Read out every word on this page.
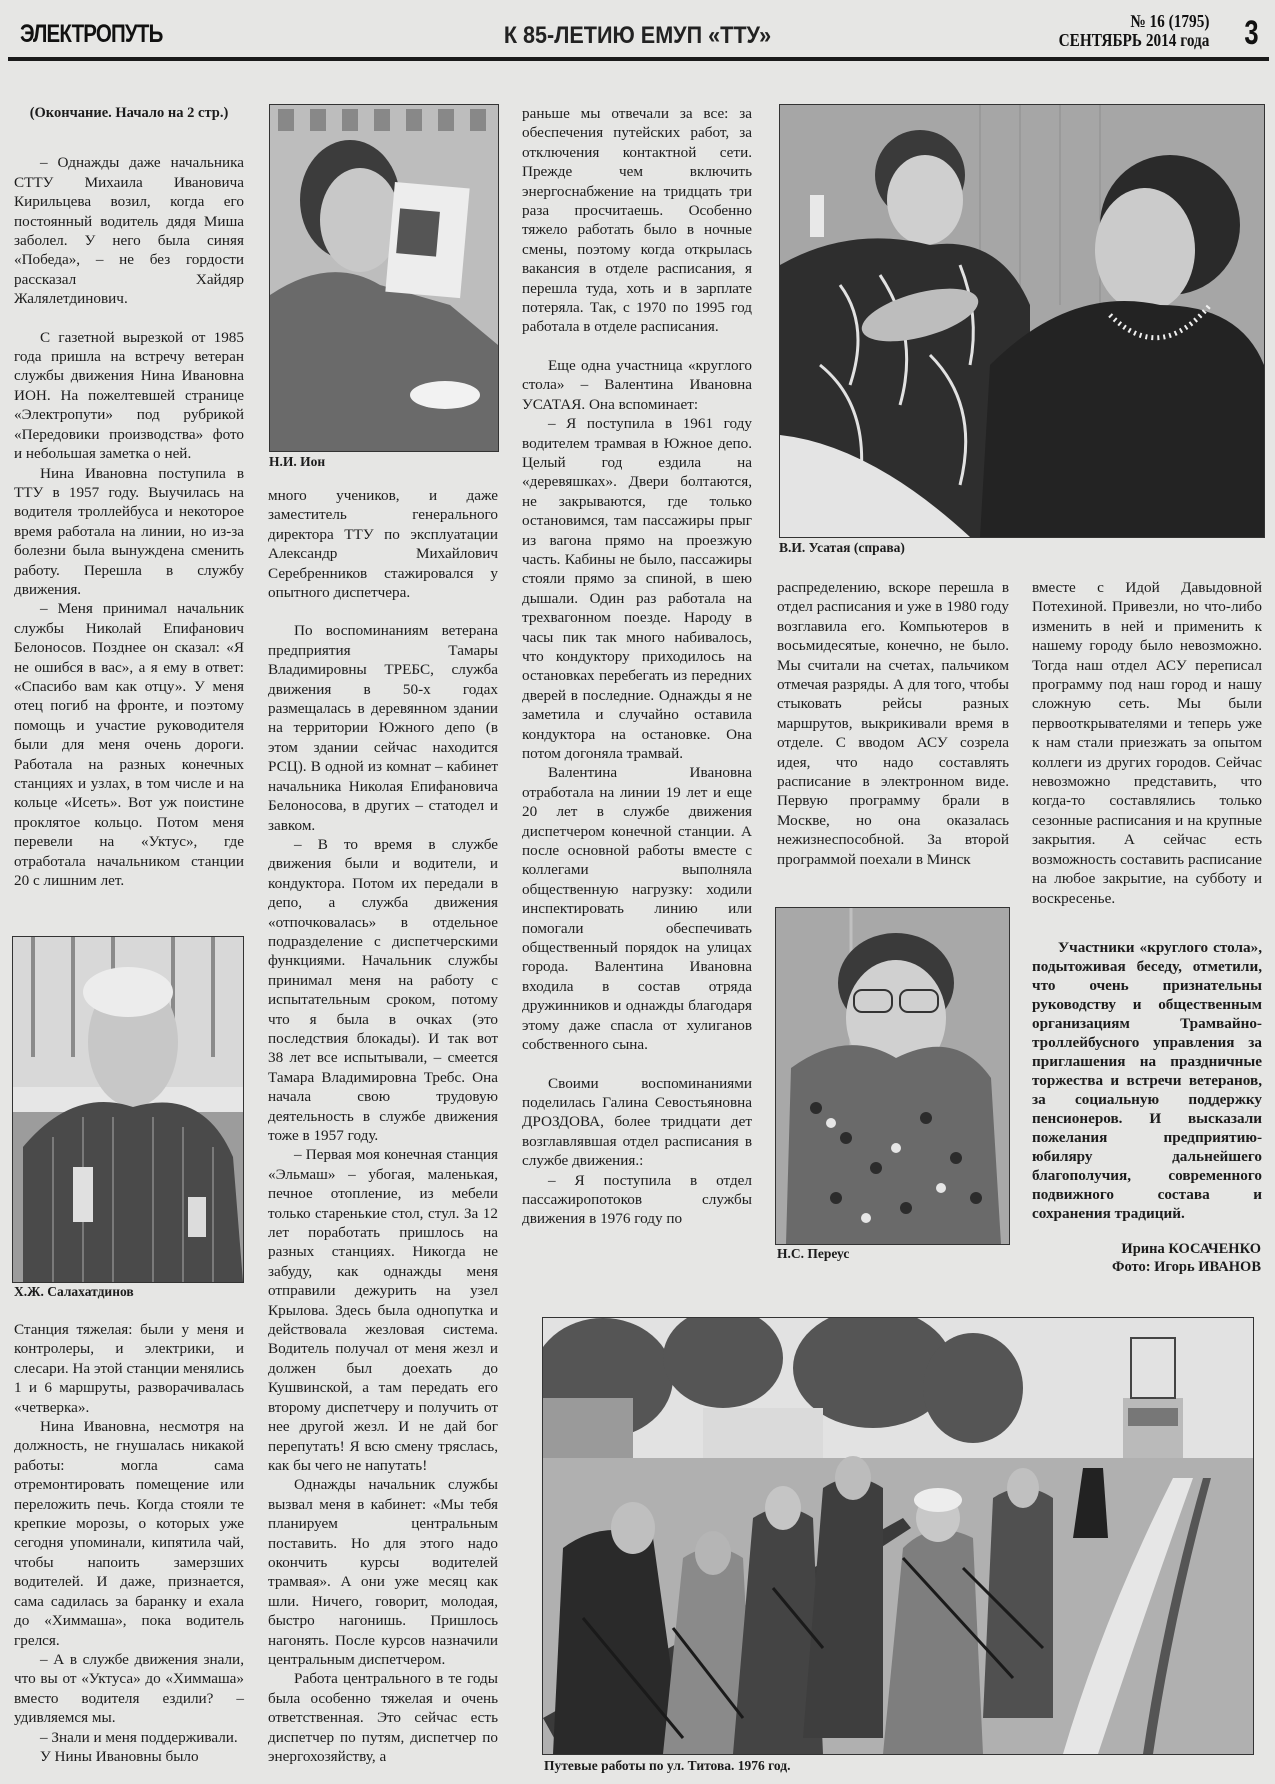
ЭЛЕКТРОПУТЬ	К 85-ЛЕТИЮ ЕМУП «ТТУ»
№ 16 (1795)
СЕНТЯБРЬ 2014 года 3
(Окончание. Начало на 2 стр.)

– Однажды даже начальника СТТУ Михаила Ивановича Кирильцева возил, когда его постоянный водитель дядя Миша заболел. У него была синяя «Победа», – не без гордости рассказал Хайдяр Жалялетдинович.

С газетной вырезкой от 1985 года пришла на встречу ветеран службы движения Нина Ивановна ИОН. На пожелтевшей странице «Электропути» под рубрикой «Передовики производства» фото и небольшая заметка о ней.

Нина Ивановна поступила в ТТУ в 1957 году. Выучилась на водителя троллейбуса и некоторое время работала на линии, но из-за болезни была вынуждена сменить работу. Перешла в службу движения.

– Меня принимал начальник службы Николай Епифанович Белоносов. Позднее он сказал: «Я не ошибся в вас», а я ему в ответ: «Спасибо вам как отцу». У меня отец погиб на фронте, и поэтому помощь и участие руководителя были для меня очень дороги. Работала на разных конечных станциях и узлах, в том числе и на кольце «Исеть». Вот уж поистине проклятое кольцо. Потом меня перевели на «Уктус», где отработала начальником станции 20 с лишним лет.

Х.Ж. Салахатдинов

Станция тяжелая: были у меня и контролеры, и электрики, и слесари. На этой станции менялись 1 и 6 маршруты, разворачивалась «четверка».

Нина Ивановна, несмотря на должность, не гнушалась никакой работы: могла сама отремонтировать помещение или переложить печь. Когда стояли те крепкие морозы, о которых уже сегодня упоминали, кипятила чай, чтобы напоить замерзших водителей. И даже, признается, сама садилась за баранку и ехала до «Химмаша», пока водитель грелся.

– А в службе движения знали, что вы от «Уктуса» до «Химмаша» вместо водителя ездили? – удивляемся мы.

– Знали и меня поддерживали.

У Нины Ивановны было

Н.И. Ион

много учеников, и даже заместитель генерального директора ТТУ по эксплуатации Александр Михайлович Серебренников стажировался у опытного диспетчера.

По воспоминаниям ветерана предприятия Тамары Владимировны ТРЕБС, служба движения в 50-х годах размещалась в деревянном здании на территории Южного депо (в этом здании сейчас находится РСЦ). В одной из комнат – кабинет начальника Николая Епифановича Белоносова, в других – статодел и завком.

– В то время в службе движения были и водители, и кондуктора. Потом их передали в депо, а служба движения «отпочковалась» в отдельное подразделение с диспетчерскими функциями. Начальник службы принимал меня на работу с испытательным сроком, потому что я была в очках (это последствия блокады). И так вот 38 лет все испытывали, – смеется Тамара Владимировна Требс. Она начала свою трудовую деятельность в службе движения тоже в 1957 году.

– Первая моя конечная станция «Эльмаш» – убогая, маленькая, печное отопление, из мебели только старенькие стол, стул. За 12 лет поработать пришлось на разных станциях. Никогда не забуду, как однажды меня отправили дежурить на узел Крылова. Здесь была однопутка и действовала жезловая система. Водитель получал от меня жезл и должен был доехать до Кушвинской, а там передать его второму диспетчеру и получить от нее другой жезл. И не дай бог перепутать! Я всю смену тряслась, как бы чего не напутать!

Однажды начальник службы вызвал меня в кабинет: «Мы тебя планируем центральным поставить. Но для этого надо окончить курсы водителей трамвая». А они уже месяц как шли. Ничего, говорит, молодая, быстро нагонишь. Пришлось нагонять. После курсов назначили центральным диспетчером.

Работа центрального в те годы была особенно тяжелая и очень ответственная. Это сейчас есть диспетчер по путям, диспетчер по энергохозяйству, а

раньше мы отвечали за все: за обеспечения путейских работ, за отключения контактной сети. Прежде чем включить энергоснабжение на тридцать три раза просчитаешь. Особенно тяжело работать было в ночные смены, поэтому когда открылась вакансия в отделе расписания, я перешла туда, хоть и в зарплате потеряла. Так, с 1970 по 1995 год работала в отделе расписания.

Еще одна участница «круглого стола» – Валентина Ивановна УСАТАЯ. Она вспоминает:

– Я поступила в 1961 году водителем трамвая в Южное депо. Целый год ездила на «деревяшках». Двери болтаются, не закрываются, где только остановимся, там пассажиры прыг из вагона прямо на проезжую часть. Кабины не было, пассажиры стояли прямо за спиной, в шею дышали. Один раз работала на трехвагонном поезде. Народу в часы пик так много набивалось, что кондуктору приходилось на остановках перебегать из передних дверей в последние. Однажды я не заметила и случайно оставила кондуктора на остановке. Она потом догоняла трамвай.

Валентина Ивановна отработала на линии 19 лет и еще 20 лет в службе движения диспетчером конечной станции. А после основной работы вместе с коллегами выполняла общественную нагрузку: ходили инспектировать линию или помогали обеспечивать общественный порядок на улицах города. Валентина Ивановна входила в состав отряда дружинников и однажды благодаря этому даже спасла от хулиганов собственного сына.

Своими воспоминаниями поделилась Галина Севостьяновна ДРОЗДОВА, более тридцати дет возглавлявшая отдел расписания в службе движения.:

– Я поступила в отдел пассажиропотоков службы движения в 1976 году по

В.И. Усатая (справа)

распределению, вскоре перешла в отдел расписания и уже в 1980 году возглавила его. Компьютеров в восьмидесятые, конечно, не было. Мы считали на счетах, пальчиком отмечая разряды. А для того, чтобы стыковать рейсы разных маршрутов, выкрикивали время в отделе. С вводом АСУ созрела идея, что надо составлять расписание в электронном виде. Первую программу брали в Москве, но она оказалась нежизнеспособной. За второй программой поехали в Минск

Н.С. Переус

вместе с Идой Давыдовной Потехиной. Привезли, но что-либо изменить в ней и применить к нашему городу было невозможно. Тогда наш отдел АСУ переписал программу под наш город и нашу сложную сеть. Мы были первооткрывателями и теперь уже к нам стали приезжать за опытом коллеги из других городов. Сейчас невозможно представить, что когда-то составлялись только сезонные расписания и на крупные закрытия. А сейчас есть возможность составить расписание на любое закрытие, на субботу и воскресенье.

Участники «круглого стола», подытоживая беседу, отметили, что очень признательны руководству и общественным организациям Трамвайно-троллейбусного управления за приглашения на праздничные торжества и встречи ветеранов, за социальную поддержку пенсионеров. И высказали пожелания предприятию-юбиляру дальнейшего благополучия, современного подвижного состава и сохранения традиций.

Ирина КОСАЧЕНКО
Фото: Игорь ИВАНОВ
Путевые работы по ул. Титова. 1976 год.
